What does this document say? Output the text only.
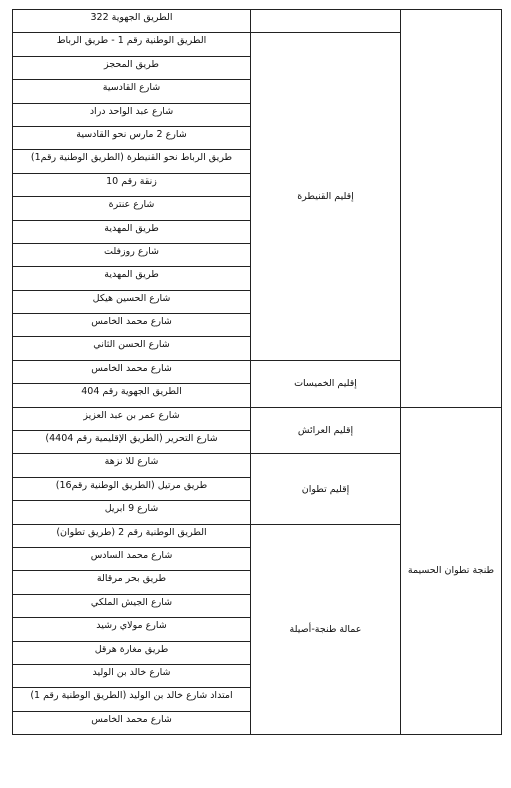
الطريق الجهوية 322		
الطريق الوطنية رقم 1 - طريق الرباط	إقليم القنيطرة	
طريق المحجز		
شارع القادسية		
شارع عبد الواحد دراد		
شارع 2 مارس نحو القادسية		
طريق الرباط نحو القنيطرة (الطريق الوطنية رقم1)		
زنقة رقم 10		
شارع عنترة		
طريق المهدية		
شارع روزفلت		
طريق المهدية		
شارع الحسين هيكل		
شارع محمد الخامس		
شارع الحسن الثاني		
شارع محمد الخامس	إقليم الخميسات	
الطريق الجهوية رقم 404		
شارع عمر بن عبد العزيز	إقليم العرائش	طنجة تطوان الحسيمة
شارع التحرير (الطريق الإقليمية رقم 4404)		
شارع للا نزهة	إقليم تطوان	
طريق مرتيل (الطريق الوطنية رقم16)		
شارع 9 ابريل		
الطريق الوطنية رقم 2 (طريق تطوان)	عمالة طنجة-أصيلة	
شارع محمد السادس		
طريق بحر مرقالة		
شارع الجيش الملكي		
شارع مولاي رشيد		
طريق مغارة هرقل		
شارع خالد بن الوليد		
امتداد شارع خالد بن الوليد (الطريق الوطنية رقم 1)		
شارع محمد الخامس		
